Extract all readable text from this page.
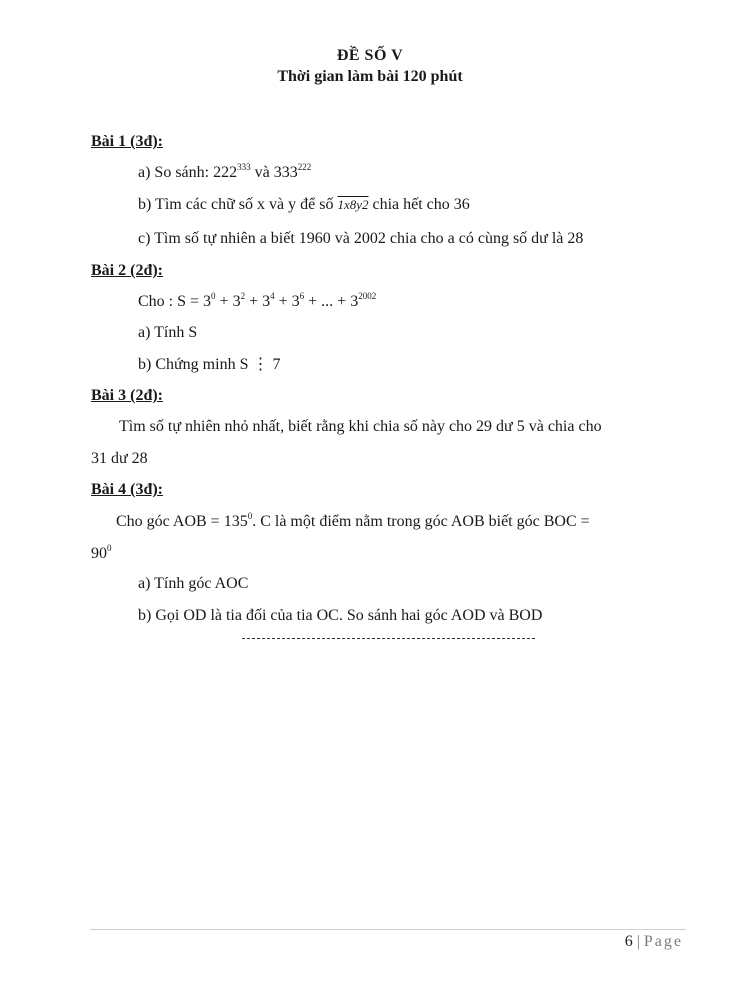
ĐỀ SỐ V
Thời gian làm bài 120 phút
Bài 1 (3đ):
a) So sánh: $222^{333}$ và $333^{222}$
b) Tìm các chữ số x và y để số 1x8y2 chia hết cho 36
c) Tìm số tự nhiên a biết 1960 và 2002 chia cho a có cùng số dư là 28
Bài 2 (2đ):
Cho : $S = 3^0 + 3^2 + 3^4 + 3^6$ + ... + $3^{2002}$
a) Tính S
b) Chứng minh S ⋮ 7
Bài 3 (2đ):
Tìm số tự nhiên nhỏ nhất, biết rằng khi chia số này cho 29 dư 5 và chia cho
31 dư 28
Bài 4 (3đ):
Cho góc AOB = $135^0$. C là một điểm nằm trong góc AOB biết góc BOC =
$90^0$
a) Tính góc AOC
b) Gọi OD là tia đối của tia OC. So sánh hai góc AOD và BOD
6 | Page
